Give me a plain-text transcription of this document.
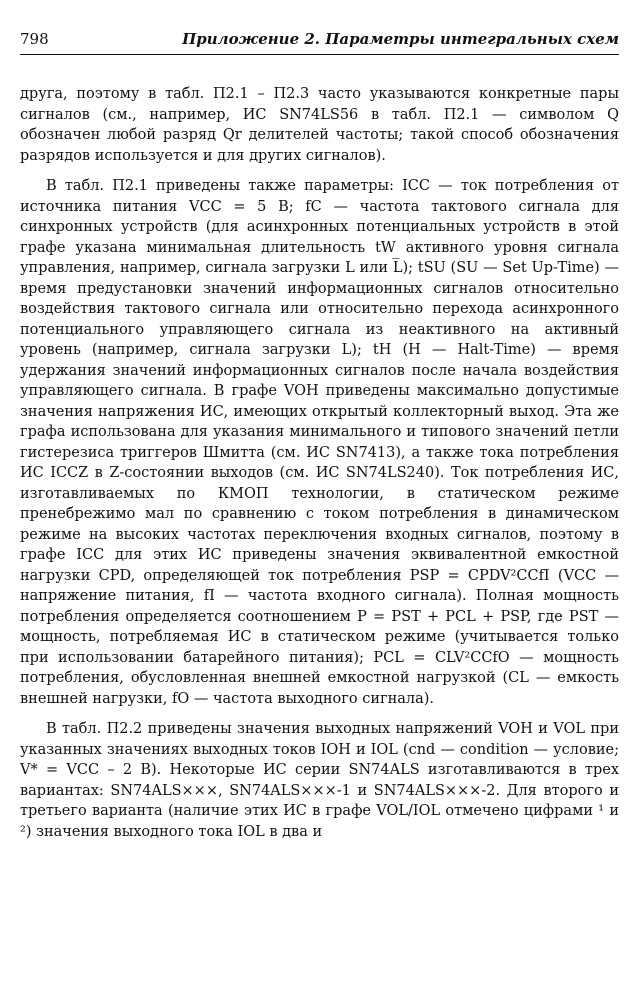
798	Приложение 2. Параметры интегральных схем

друга, поэтому в табл. П2.1 – П2.3 часто указываются конкретные пары сигналов (см., например, ИС SN74LS56 в табл. П2.1 — символом Q обозначен любой разряд Qr делителей частоты; такой способ обозначения разрядов используется и для других сигналов).

В табл. П2.1 приведены также параметры: ICC — ток потребления от источника питания VCC = 5 В; fC — частота тактового сигнала для синхронных устройств (для асинхронных потенциальных устройств в этой графе указана минимальная длительность tW активного уровня сигнала управления, например, сигнала загрузки L или L̅); tSU (SU — Set Up-Time) — время предустановки значений информационных сигналов относительно воздействия тактового сигнала или относительно перехода асинхронного потенциального управляющего сигнала из неактивного на активный уровень (например, сигнала загрузки L); tH (H — Halt-Time) — время удержания значений информационных сигналов после начала воздействия управляющего сигнала. В графе VOH приведены максимально допустимые значения напряжения ИС, имеющих открытый коллекторный выход. Эта же графа использована для указания минимального и типового значений петли гистерезиса триггеров Шмитта (см. ИС SN7413), а также тока потребления ИС ICCZ в Z-состоянии выходов (см. ИС SN74LS240). Ток потребления ИС, изготавливаемых по КМОП технологии, в статическом режиме пренебрежимо мал по сравнению с током потребления в динамическом режиме на высоких частотах переключения входных сигналов, поэтому в графе ICC для этих ИС приведены значения эквивалентной емкостной нагрузки CPD, определяющей ток потребления PSP = CPDV²CCfI (VCC — напряжение питания, fI — частота входного сигнала). Полная мощность потребления определяется соотношением P = PST + PCL + PSP, где PST — мощность, потребляемая ИС в статическом режиме (учитывается только при использовании батарейного питания); PCL = CLV²CCfO — мощность потребления, обусловленная внешней емкостной нагрузкой (CL — емкость внешней нагрузки, fO — частота выходного сигнала).

В табл. П2.2 приведены значения выходных напряжений VOH и VOL при указанных значениях выходных токов IOH и IOL (cnd — condition — условие; V* = VCC – 2 В). Некоторые ИС серии SN74ALS изготавливаются в трех вариантах: SN74ALS×××, SN74ALS×××-1 и SN74ALS×××-2. Для второго и третьего варианта (наличие этих ИС в графе VOL/IOL отмечено цифрами ¹ и ²) значения выходного тока IOL в два и
